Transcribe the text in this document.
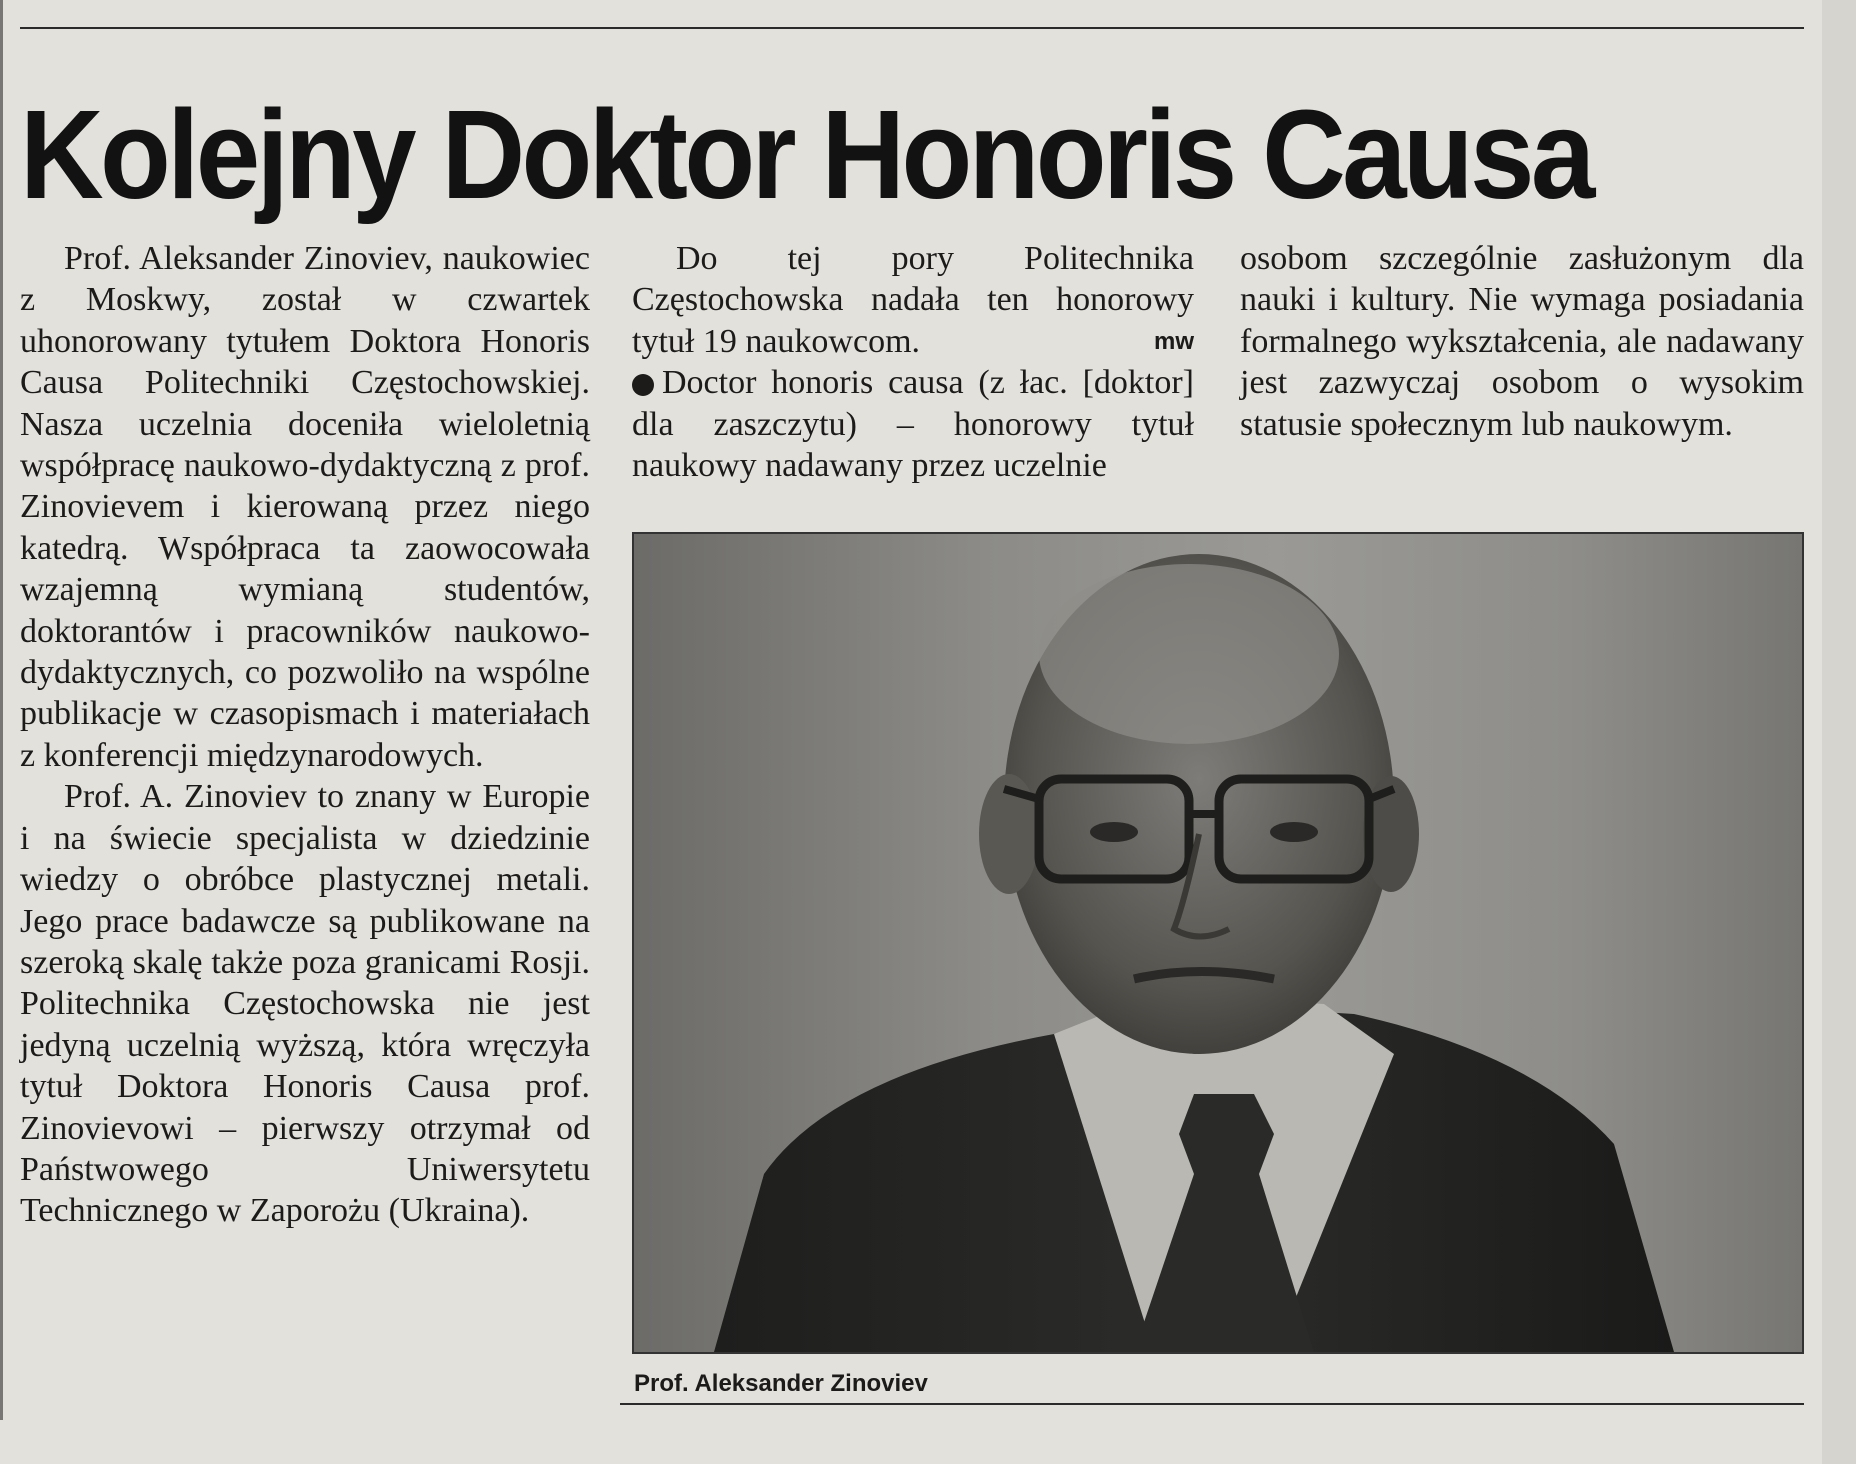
Kolejny Doktor Honoris Causa

Prof. Aleksander Zinoviev, naukowiec z Moskwy, został w czwartek uhonorowany tytułem Doktora Honoris Causa Politechniki Częstochowskiej. Nasza uczelnia doceniła wieloletnią współpracę naukowo-dydaktyczną z prof. Zinovievem i kierowaną przez niego katedrą. Współpraca ta zaowocowała wzajemną wymianą studentów, doktorantów i pracowników naukowo-dydaktycznych, co pozwoliło na wspólne publikacje w czasopismach i materiałach z konferencji międzynarodowych.

Prof. A. Zinoviev to znany w Europie i na świecie specjalista w dziedzinie wiedzy o obróbce plastycznej metali. Jego prace badawcze są publikowane na szeroką skalę także poza granicami Rosji. Politechnika Częstochowska nie jest jedyną uczelnią wyższą, która wręczyła tytuł Doktora Honoris Causa prof. Zinovievowi – pierwszy otrzymał od Państwowego Uniwersytetu Technicznego w Zaporożu (Ukraina).

Do tej pory Politechnika Częstochowska nadała ten honorowy tytuł 19 naukowcom.	mw

Doctor honoris causa (z łac. [doktor] dla zaszczytu) – honorowy tytuł naukowy nadawany przez uczelnie

osobom szczególnie zasłużonym dla nauki i kultury. Nie wymaga posiadania formalnego wykształcenia, ale nadawany jest zazwyczaj osobom o wysokim statusie społecznym lub naukowym.

Prof. Aleksander Zinoviev
